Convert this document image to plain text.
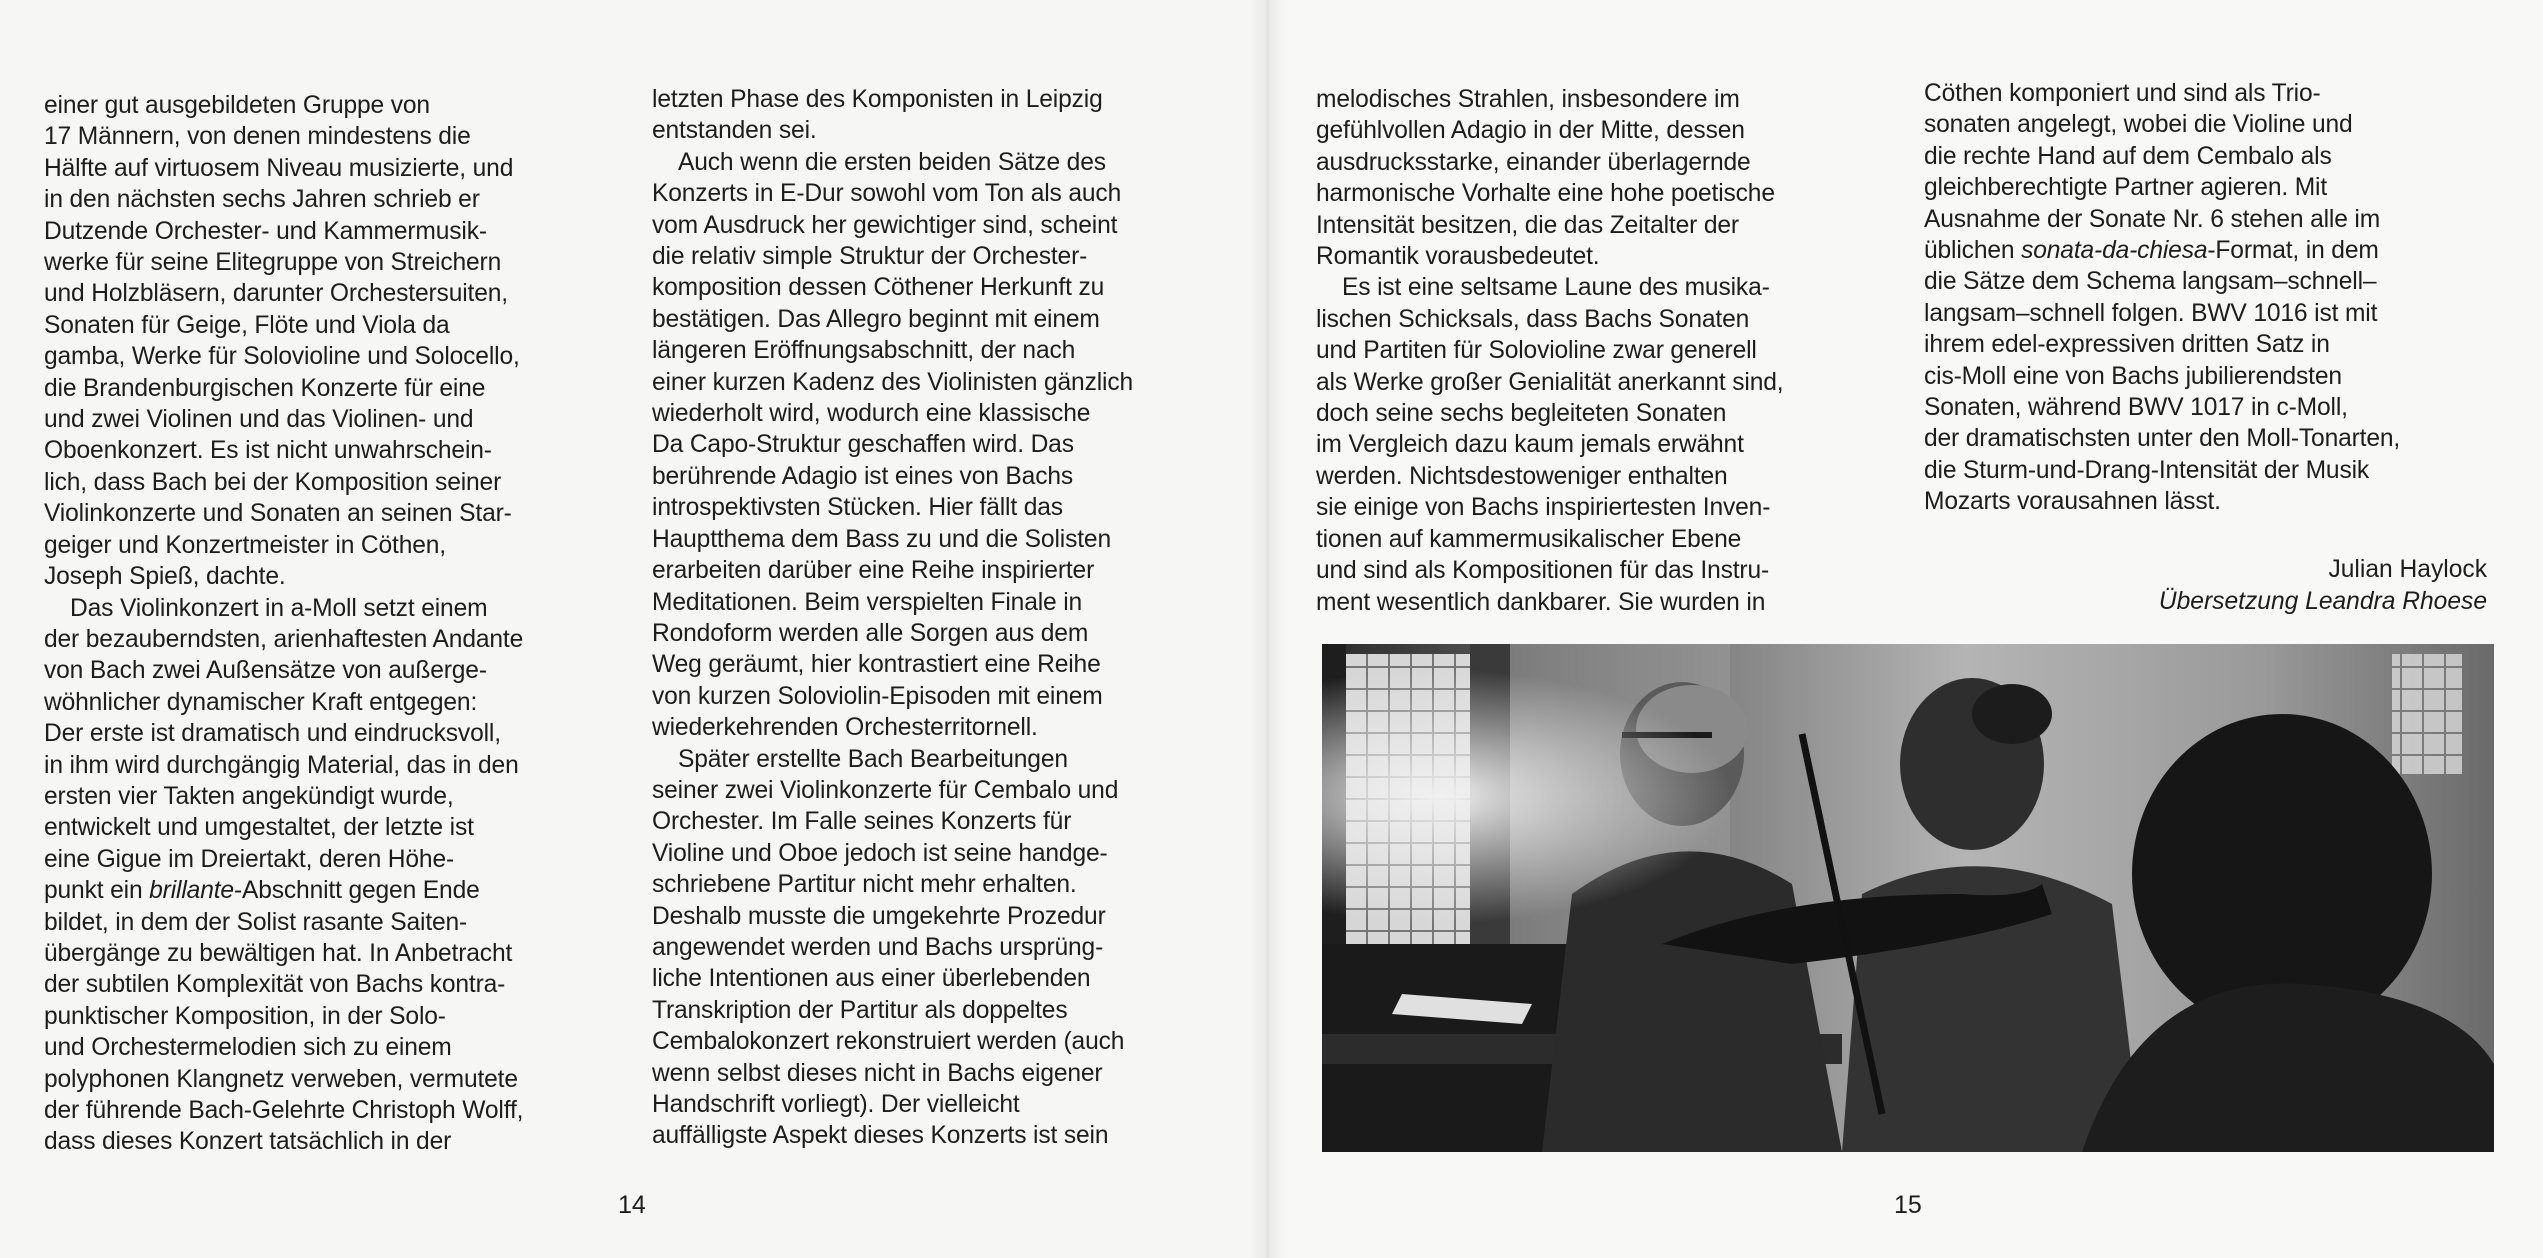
einer gut ausgebildeten Gruppe von
17 Männern, von denen mindestens die
Hälfte auf virtuosem Niveau musizierte, und
in den nächsten sechs Jahren schrieb er
Dutzende Orchester- und Kammermusik-
werke für seine Elitegruppe von Streichern
und Holzbläsern, darunter Orchestersuiten,
Sonaten für Geige, Flöte und Viola da
gamba, Werke für Solovioline und Solocello,
die Brandenburgischen Konzerte für eine
und zwei Violinen und das Violinen- und
Oboenkonzert. Es ist nicht unwahrschein-
lich, dass Bach bei der Komposition seiner
Violinkonzerte und Sonaten an seinen Star-
geiger und Konzertmeister in Cöthen,
Joseph Spieß, dachte.
Das Violinkonzert in a-Moll setzt einem
der bezauberndsten, arienhaftesten Andante
von Bach zwei Außensätze von außerge-
wöhnlicher dynamischer Kraft entgegen:
Der erste ist dramatisch und eindrucksvoll,
in ihm wird durchgängig Material, das in den
ersten vier Takten angekündigt wurde,
entwickelt und umgestaltet, der letzte ist
eine Gigue im Dreiertakt, deren Höhe-
punkt ein brillante-Abschnitt gegen Ende
bildet, in dem der Solist rasante Saiten-
übergänge zu bewältigen hat. In Anbetracht
der subtilen Komplexität von Bachs kontra-
punktischer Komposition, in der Solo-
und Orchestermelodien sich zu einem
polyphonen Klangnetz verweben, vermutete
der führende Bach-Gelehrte Christoph Wolff,
dass dieses Konzert tatsächlich in der
letzten Phase des Komponisten in Leipzig
entstanden sei.
Auch wenn die ersten beiden Sätze des
Konzerts in E-Dur sowohl vom Ton als auch
vom Ausdruck her gewichtiger sind, scheint
die relativ simple Struktur der Orchester-
komposition dessen Cöthener Herkunft zu
bestätigen. Das Allegro beginnt mit einem
längeren Eröffnungsabschnitt, der nach
einer kurzen Kadenz des Violinisten gänzlich
wiederholt wird, wodurch eine klassische
Da Capo-Struktur geschaffen wird. Das
berührende Adagio ist eines von Bachs
introspektivsten Stücken. Hier fällt das
Hauptthema dem Bass zu und die Solisten
erarbeiten darüber eine Reihe inspirierter
Meditationen. Beim verspielten Finale in
Rondoform werden alle Sorgen aus dem
Weg geräumt, hier kontrastiert eine Reihe
von kurzen Soloviolin-Episoden mit einem
wiederkehrenden Orchesterritornell.
Später erstellte Bach Bearbeitungen
seiner zwei Violinkonzerte für Cembalo und
Orchester. Im Falle seines Konzerts für
Violine und Oboe jedoch ist seine handge-
schriebene Partitur nicht mehr erhalten.
Deshalb musste die umgekehrte Prozedur
angewendet werden und Bachs ursprüng-
liche Intentionen aus einer überlebenden
Transkription der Partitur als doppeltes
Cembalokonzert rekonstruiert werden (auch
wenn selbst dieses nicht in Bachs eigener
Handschrift vorliegt). Der vielleicht
auffälligste Aspekt dieses Konzerts ist sein
melodisches Strahlen, insbesondere im
gefühlvollen Adagio in der Mitte, dessen
ausdrucksstarke, einander überlagernde
harmonische Vorhalte eine hohe poetische
Intensität besitzen, die das Zeitalter der
Romantik vorausbedeutet.
Es ist eine seltsame Laune des musika-
lischen Schicksals, dass Bachs Sonaten
und Partiten für Solovioline zwar generell
als Werke großer Genialität anerkannt sind,
doch seine sechs begleiteten Sonaten
im Vergleich dazu kaum jemals erwähnt
werden. Nichtsdestoweniger enthalten
sie einige von Bachs inspiriertesten Inven-
tionen auf kammermusikalischer Ebene
und sind als Kompositionen für das Instru-
ment wesentlich dankbarer. Sie wurden in
Cöthen komponiert und sind als Trio-
sonaten angelegt, wobei die Violine und
die rechte Hand auf dem Cembalo als
gleichberechtigte Partner agieren. Mit
Ausnahme der Sonate Nr. 6 stehen alle im
üblichen sonata-da-chiesa-Format, in dem
die Sätze dem Schema langsam–schnell–
langsam–schnell folgen. BWV 1016 ist mit
ihrem edel-expressiven dritten Satz in
cis-Moll eine von Bachs jubilierendsten
Sonaten, während BWV 1017 in c-Moll,
der dramatischsten unter den Moll-Tonarten,
die Sturm-und-Drang-Intensität der Musik
Mozarts vorausahnen lässt.
Julian Haylock
Übersetzung Leandra Rhoese
14	15
